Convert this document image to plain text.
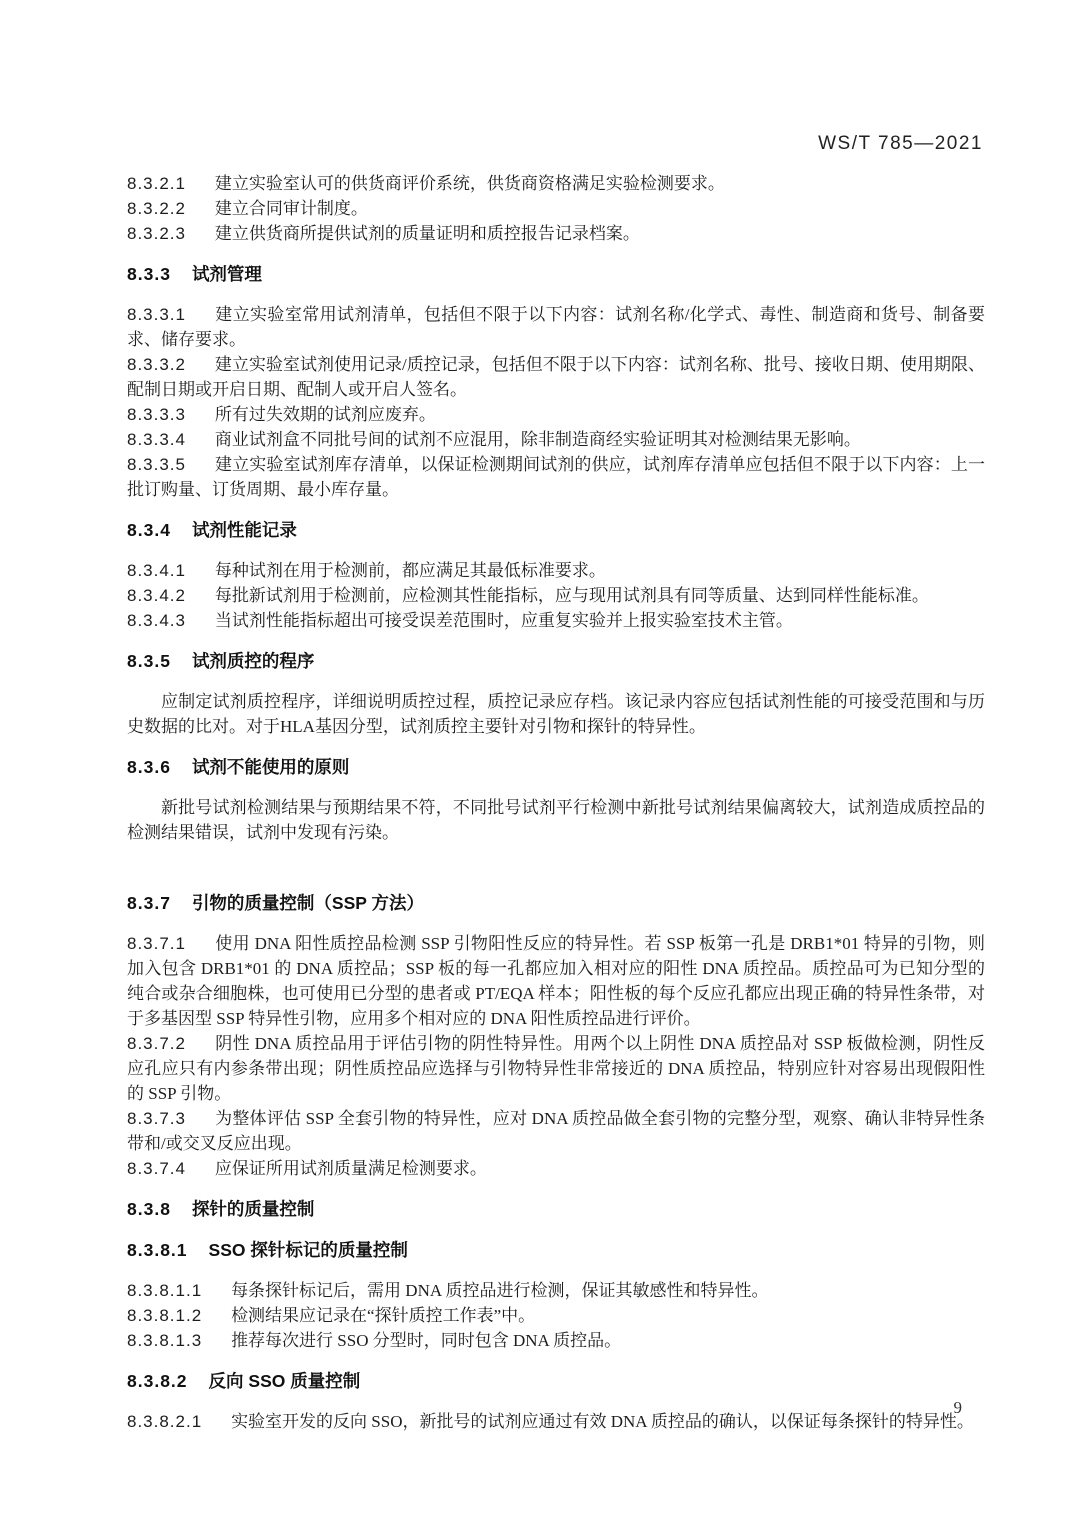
WS/T 785—2021

8.3.2.1 建立实验室认可的供货商评价系统，供货商资格满足实验检测要求。

8.3.2.2 建立合同审计制度。

8.3.2.3 建立供货商所提供试剂的质量证明和质控报告记录档案。

8.3.3 试剂管理

8.3.3.1 建立实验室常用试剂清单，包括但不限于以下内容：试剂名称/化学式、毒性、制造商和货号、制备要求、储存要求。

8.3.3.2 建立实验室试剂使用记录/质控记录，包括但不限于以下内容：试剂名称、批号、接收日期、使用期限、配制日期或开启日期、配制人或开启人签名。

8.3.3.3 所有过失效期的试剂应废弃。

8.3.3.4 商业试剂盒不同批号间的试剂不应混用，除非制造商经实验证明其对检测结果无影响。

8.3.3.5 建立实验室试剂库存清单，以保证检测期间试剂的供应，试剂库存清单应包括但不限于以下内容：上一批订购量、订货周期、最小库存量。

8.3.4 试剂性能记录

8.3.4.1 每种试剂在用于检测前，都应满足其最低标准要求。

8.3.4.2 每批新试剂用于检测前，应检测其性能指标，应与现用试剂具有同等质量、达到同样性能标准。

8.3.4.3 当试剂性能指标超出可接受误差范围时，应重复实验并上报实验室技术主管。

8.3.5 试剂质控的程序

应制定试剂质控程序，详细说明质控过程，质控记录应存档。该记录内容应包括试剂性能的可接受范围和与历史数据的比对。对于HLA基因分型，试剂质控主要针对引物和探针的特异性。

8.3.6 试剂不能使用的原则

新批号试剂检测结果与预期结果不符，不同批号试剂平行检测中新批号试剂结果偏离较大，试剂造成质控品的检测结果错误，试剂中发现有污染。

8.3.7 引物的质量控制（SSP 方法）

8.3.7.1 使用 DNA 阳性质控品检测 SSP 引物阳性反应的特异性。若 SSP 板第一孔是 DRB1*01 特异的引物，则加入包含 DRB1*01 的 DNA 质控品；SSP 板的每一孔都应加入相对应的阳性 DNA 质控品。质控品可为已知分型的纯合或杂合细胞株，也可使用已分型的患者或 PT/EQA 样本；阳性板的每个反应孔都应出现正确的特异性条带，对于多基因型 SSP 特异性引物，应用多个相对应的 DNA 阳性质控品进行评价。

8.3.7.2 阴性 DNA 质控品用于评估引物的阴性特异性。用两个以上阴性 DNA 质控品对 SSP 板做检测，阴性反应孔应只有内参条带出现；阴性质控品应选择与引物特异性非常接近的 DNA 质控品，特别应针对容易出现假阳性的 SSP 引物。

8.3.7.3 为整体评估 SSP 全套引物的特异性，应对 DNA 质控品做全套引物的完整分型，观察、确认非特异性条带和/或交叉反应出现。

8.3.7.4 应保证所用试剂质量满足检测要求。

8.3.8 探针的质量控制
8.3.8.1 SSO 探针标记的质量控制

8.3.8.1.1 每条探针标记后，需用 DNA 质控品进行检测，保证其敏感性和特异性。

8.3.8.1.2 检测结果应记录在“探针质控工作表”中。

8.3.8.1.3 推荐每次进行 SSO 分型时，同时包含 DNA 质控品。

8.3.8.2 反向 SSO 质量控制

8.3.8.2.1 实验室开发的反向 SSO，新批号的试剂应通过有效 DNA 质控品的确认，以保证每条探针的特异性。

9
